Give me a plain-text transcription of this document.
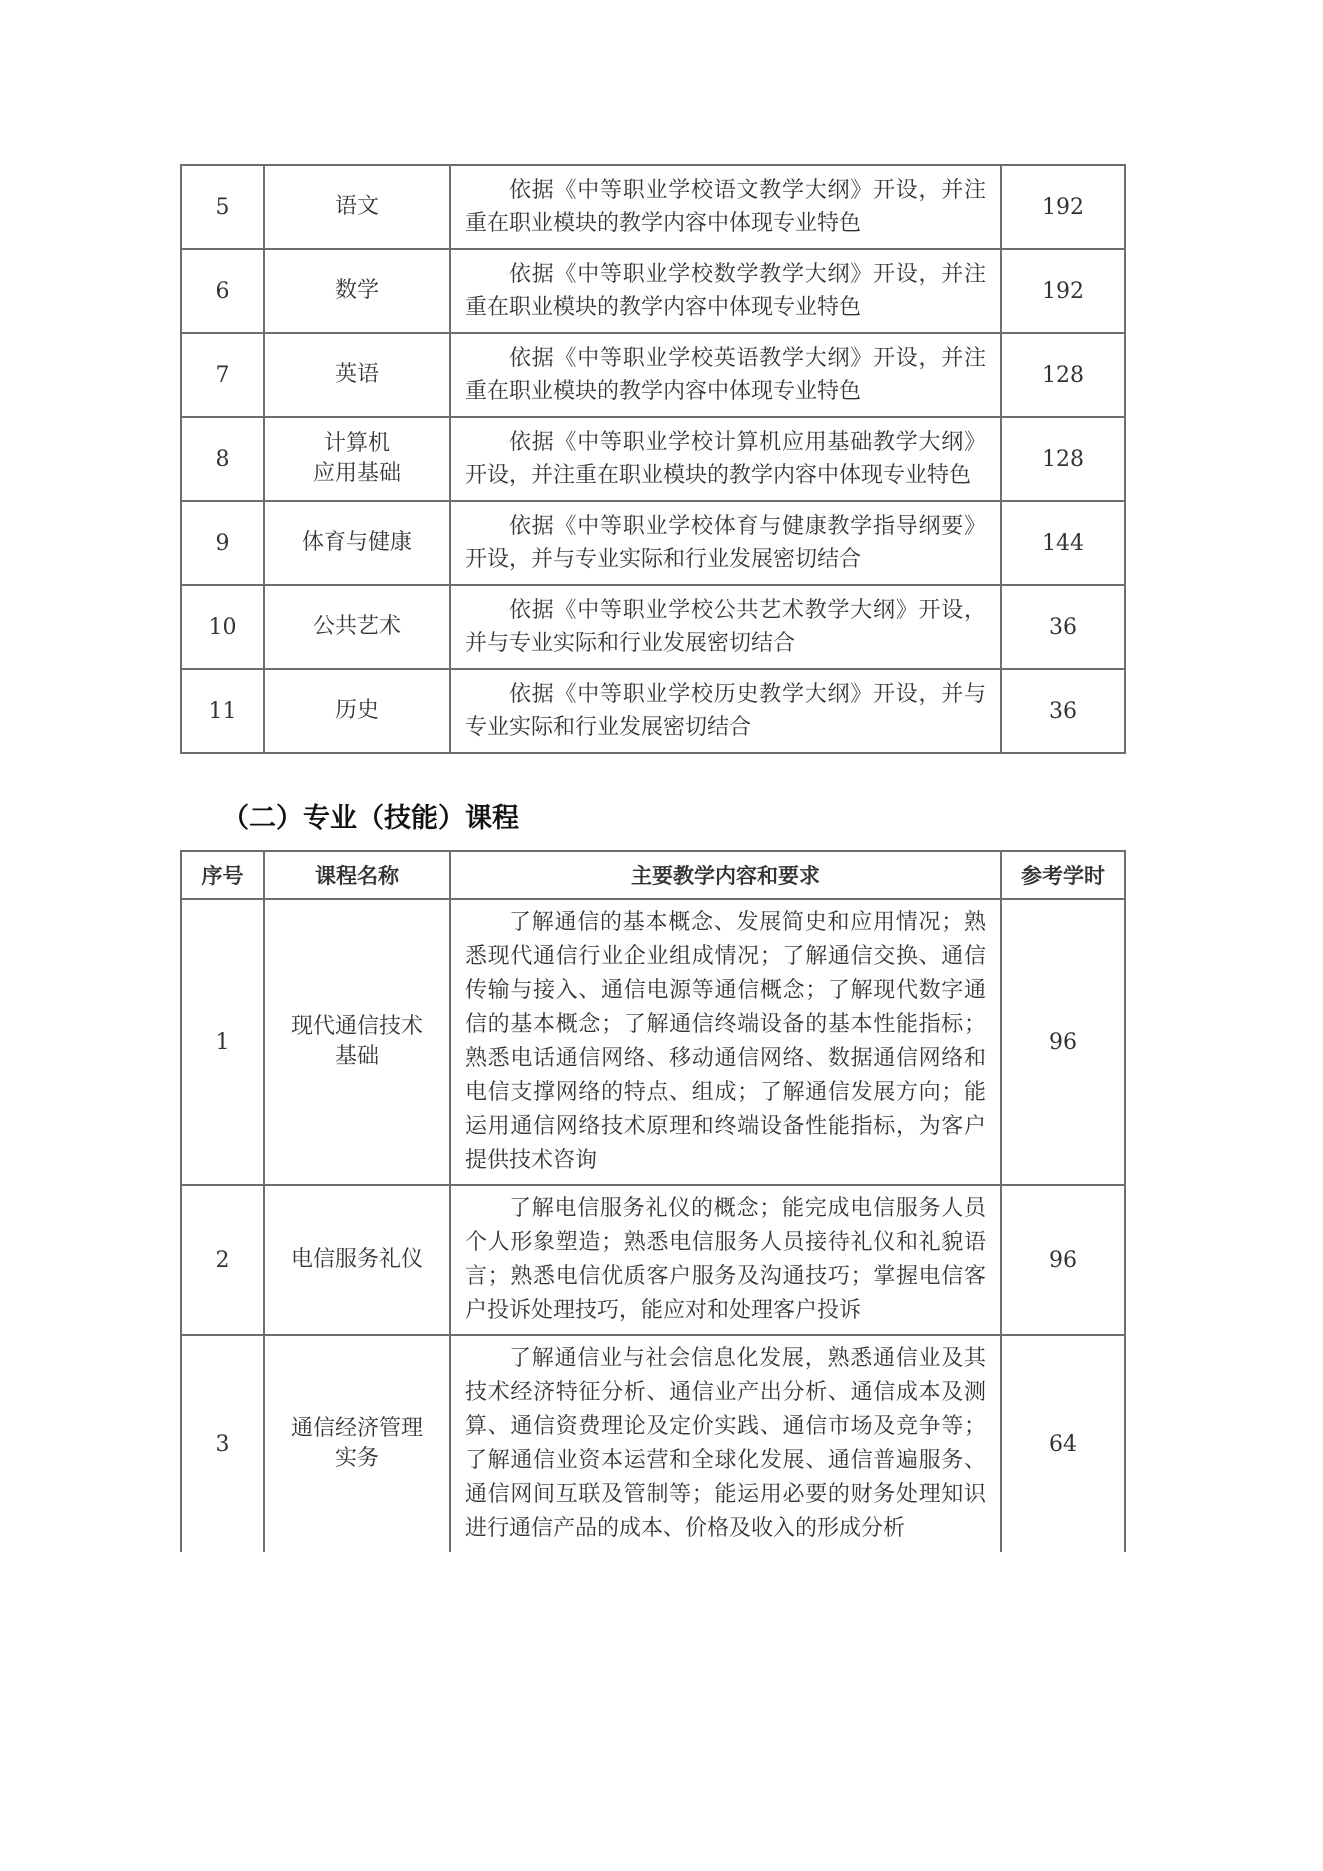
5	语文	依据《中等职业学校语文教学大纲》开设，并注重在职业模块的教学内容中体现专业特色	192
6	数学	依据《中等职业学校数学教学大纲》开设，并注重在职业模块的教学内容中体现专业特色	192
7	英语	依据《中等职业学校英语教学大纲》开设，并注重在职业模块的教学内容中体现专业特色	128
8	计算机
应用基础	依据《中等职业学校计算机应用基础教学大纲》开设，并注重在职业模块的教学内容中体现专业特色	128
9	体育与健康	依据《中等职业学校体育与健康教学指导纲要》开设，并与专业实际和行业发展密切结合	144
10	公共艺术	依据《中等职业学校公共艺术教学大纲》开设，并与专业实际和行业发展密切结合	36
11	历史	依据《中等职业学校历史教学大纲》开设，并与专业实际和行业发展密切结合	36
（二）专业（技能）课程
序号	课程名称	主要教学内容和要求	参考学时
1	现代通信技术
基础	了解通信的基本概念、发展简史和应用情况；熟悉现代通信行业企业组成情况；了解通信交换、通信传输与接入、通信电源等通信概念；了解现代数字通信的基本概念；了解通信终端设备的基本性能指标；熟悉电话通信网络、移动通信网络、数据通信网络和电信支撑网络的特点、组成；了解通信发展方向；能运用通信网络技术原理和终端设备性能指标，为客户提供技术咨询	96
2	电信服务礼仪	了解电信服务礼仪的概念；能完成电信服务人员个人形象塑造；熟悉电信服务人员接待礼仪和礼貌语言；熟悉电信优质客户服务及沟通技巧；掌握电信客户投诉处理技巧，能应对和处理客户投诉	96
3	通信经济管理
实务	了解通信业与社会信息化发展，熟悉通信业及其技术经济特征分析、通信业产出分析、通信成本及测算、通信资费理论及定价实践、通信市场及竞争等；了解通信业资本运营和全球化发展、通信普遍服务、通信网间互联及管制等；能运用必要的财务处理知识进行通信产品的成本、价格及收入的形成分析	64
